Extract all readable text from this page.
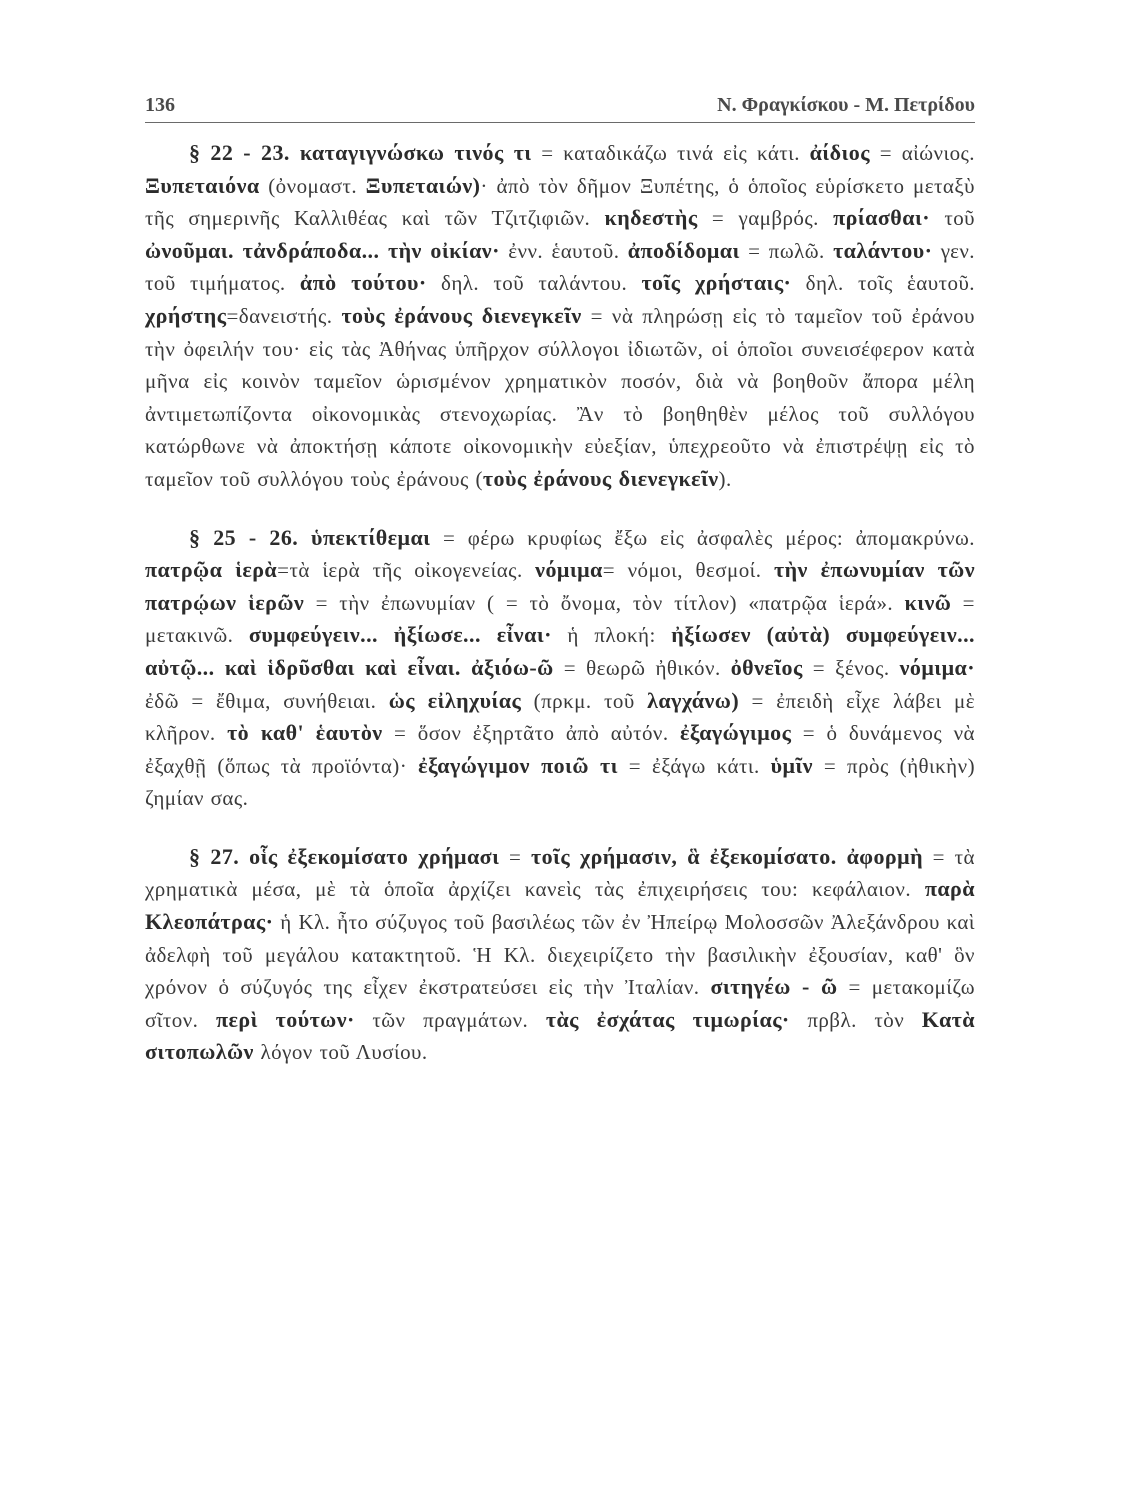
136	Ν. Φραγκίσκου - Μ. Πετρίδου

§ 22 - 23. καταγιγνώσκω τινός τι = καταδικάζω τινά εἰς κάτι. ἀίδιος = αἰώνιος. Ξυπεταιόνα (ὀνομαστ. Ξυπεταιών)· ἀπὸ τὸν δῆμον Ξυπέτης, ὁ ὁποῖος εὑρίσκετο μεταξὺ τῆς σημερινῆς Καλλιθέας καὶ τῶν Τζιτζιφιῶν. κηδεστὴς = γαμβρός. πρίασθαι· τοῦ ὠνοῦμαι. τἀνδράποδα... τὴν οἰκίαν· ἐνν. ἑαυτοῦ. ἀποδίδομαι = πωλῶ. ταλάντου· γεν. τοῦ τιμήματος. ἀπὸ τούτου· δηλ. τοῦ ταλάντου. τοῖς χρήσταις· δηλ. τοῖς ἑαυτοῦ. χρήστης=δανειστής. τοὺς ἐράνους διενεγκεῖν = νὰ πληρώσῃ εἰς τὸ ταμεῖον τοῦ ἐράνου τὴν ὀφειλήν του· εἰς τὰς Ἀθήνας ὑπῆρχον σύλλογοι ἰδιωτῶν, οἱ ὁποῖοι συνεισέφερον κατὰ μῆνα εἰς κοινὸν ταμεῖον ὡρισμένον χρηματικὸν ποσόν, διὰ νὰ βοηθοῦν ἄπορα μέλη ἀντιμετωπίζοντα οἰκονομικὰς στενοχωρίας. Ἂν τὸ βοηθηθὲν μέλος τοῦ συλλόγου κατώρθωνε νὰ ἀποκτήσῃ κάποτε οἰκονομικὴν εὐεξίαν, ὑπεχρεοῦτο νὰ ἐπιστρέψῃ εἰς τὸ ταμεῖον τοῦ συλλόγου τοὺς ἐράνους (τοὺς ἐράνους διενεγκεῖν).

§ 25 - 26. ὑπεκτίθεμαι = φέρω κρυφίως ἔξω εἰς ἀσφαλὲς μέρος: ἀπομακρύνω. πατρῷα ἱερὰ=τὰ ἱερὰ τῆς οἰκογενείας. νόμιμα= νόμοι, θεσμοί. τὴν ἐπωνυμίαν τῶν πατρῴων ἱερῶν = τὴν ἐπωνυμίαν ( = τὸ ὄνομα, τὸν τίτλον) «πατρῷα ἱερά». κινῶ = μετακινῶ. συμφεύγειν... ἠξίωσε... εἶναι· ἡ πλοκή: ἠξίωσεν (αὐτὰ) συμφεύγειν... αὐτῷ... καὶ ἱδρῦσθαι καὶ εἶναι. ἀξιόω-ῶ = θεωρῶ ἠθικόν. ὀθνεῖος = ξένος. νόμιμα· ἐδῶ = ἔθιμα, συνήθειαι. ὡς εἰληχυίας (πρκμ. τοῦ λαγχάνω) = ἐπειδὴ εἶχε λάβει μὲ κλῆρον. τὸ καθ' ἑαυτὸν = ὅσον ἐξηρτᾶτο ἀπὸ αὐτόν. ἐξαγώγιμος = ὁ δυνάμενος νὰ ἐξαχθῇ (ὅπως τὰ προϊόντα)· ἐξαγώγιμον ποιῶ τι = ἐξάγω κάτι. ὑμῖν = πρὸς (ἠθικὴν) ζημίαν σας.

§ 27. οἷς ἐξεκομίσατο χρήμασι = τοῖς χρήμασιν, ἃ ἐξεκομίσατο. ἀφορμὴ = τὰ χρηματικὰ μέσα, μὲ τὰ ὁποῖα ἀρχίζει κανεὶς τὰς ἐπιχειρήσεις του: κεφάλαιον. παρὰ Κλεοπάτρας· ἡ Κλ. ἦτο σύζυγος τοῦ βασιλέως τῶν ἐν Ἠπείρῳ Μολοσσῶν Ἀλεξάνδρου καὶ ἀδελφὴ τοῦ μεγάλου κατακτητοῦ. Ἡ Κλ. διεχειρίζετο τὴν βασιλικὴν ἐξουσίαν, καθ' ὃν χρόνον ὁ σύζυγός της εἶχεν ἐκστρατεύσει εἰς τὴν Ἰταλίαν. σιτηγέω - ῶ = μετακομίζω σῖτον. περὶ τούτων· τῶν πραγμάτων. τὰς ἐσχάτας τιμωρίας· πρβλ. τὸν Κατὰ σιτοπωλῶν λόγον τοῦ Λυσίου.
